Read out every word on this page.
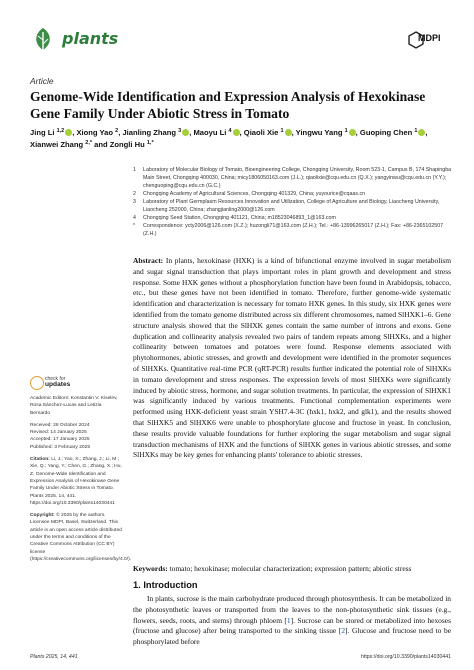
plants	MDPI
Article
Genome-Wide Identification and Expression Analysis of Hexokinase Gene Family Under Abiotic Stress in Tomato
Jing Li $^{1,2}$ , Xiong Yao $^2$, Jianling Zhang $^3$ , Maoyu Li $^4$ , Qiaoli Xie $^1$ , Yingwu Yang $^1$ , Guoping Chen $^1$ , Xianwei Zhang $^{2,*}$ and Zongli Hu $^{1,*}$

1 Laboratory of Molecular Biology of Tomato, Bioengineering College, Chongqing University, Room 523-1, Campus B, 174 Shapingba Main Street, Chongqing 400030, China; micy1806050163.com (J.L.); qiaolixie@cqu.edu.cn (Q.X.); yangyinwu@cqu.edu.cn (Y.Y.); chenguoping@cqu.edu.cn (G.C.)

2 Chongqing Academy of Agricultural Sciences, Chongqing 401329, China; yuyourice@cqaas.cn

3 Laboratory of Plant Germplasm Resources Innovation and Utilization, College of Agriculture and Biology, Liaocheng University, Liaocheng 252000, China; zhangjianling2000@126.com

4 Chongqing Seed Station, Chongqing 401121, China; m18523046893_1@163.com

* Correspondence: ycty2006@126.com (X.Z.); huzongli71@163.com (Z.H.); Tel.: +86-13996265017 (Z.H.); Fax: +86-2365102507 (Z.H.)

check for
updates

Academic Editors: Konstantin V. Kiselev, Rosa Sánchez-Lucas and Letizia Bernardo

Received: 28 October 2024

Revised: 14 January 2025

Accepted: 17 January 2025

Published: 3 February 2025

Citation: Li, J.; Yao, X.; Zhang, J.; Li, M.; Xie, Q.; Yang, Y.; Chen, G.; Zhang, X.; Hu, Z. Genome-Wide Identification and Expression Analysis of Hexokinase Gene Family Under Abiotic Stress in Tomato. Plants 2025, 14, 441. https://doi.org/10.3390/plants14030441

Copyright: © 2025 by the authors. Licensee MDPI, Basel, Switzerland. This article is an open access article distributed under the terms and conditions of the Creative Commons Attribution (CC BY) license (https://creativecommons.org/licenses/by/4.0/).

Abstract: In plants, hexokinase (HXK) is a kind of bifunctional enzyme involved in sugar metabolism and sugar signal transduction that plays important roles in plant growth and development and stress response. Some HXK genes without a phosphorylation function have been found in Arabidopsis, tobacco, etc., but these genes have not been identified in tomato. Therefore, further genome-wide systematic identification and characterization is necessary for tomato HXK genes. In this study, six HXK genes were identified from the tomato genome distributed across six different chromosomes, named SlHXK1–6. Gene structure analysis showed that the SlHXK genes contain the same number of introns and exons. Gene duplication and collinearity analysis revealed two pairs of tandem repeats among SlHXKs, and a higher collinearity between tomatoes and potatoes were found. Response elements associated with phytohormones, abiotic stresses, and growth and development were identified in the promoter sequences of SlHXKs. Quantitative real-time PCR (qRT-PCR) results further indicated the potential role of SlHXKs in tomato development and stress responses. The expression levels of most SlHXKs were significantly induced by abiotic stress, hormone, and sugar solution treatments. In particular, the expression of SlHXK1 was significantly induced by various treatments. Functional complementation experiments were performed using HXK-deficient yeast strain YSH7.4-3C (hxk1, hxk2, and glk1), and the results showed that SlHXK5 and SlHXK6 were unable to phosphorylate glucose and fructose in yeast. In conclusion, these results provide valuable foundations for further exploring the sugar metabolism and sugar signal transduction mechanisms of HXK and the functions of SlHXK genes in various abiotic stresses, and some SlHXKs may be key genes for enhancing plants' tolerance to abiotic stresses.

Keywords: tomato; hexokinase; molecular characterization; expression pattern; abiotic stress

1. Introduction

In plants, sucrose is the main carbohydrate produced through photosynthesis. It can be metabolized in the photosynthetic leaves or transported from the leaves to the non-photosynthetic sink tissues (e.g., flowers, seeds, roots, and stems) through phloem [1]. Sucrose can be stored or metabolized into hexoses (fructose and glucose) after being transported to the sinking tissue [2]. Glucose and fructose need to be phosphorylated before

Plants 2025, 14, 441	https://doi.org/10.3390/plants14030441
